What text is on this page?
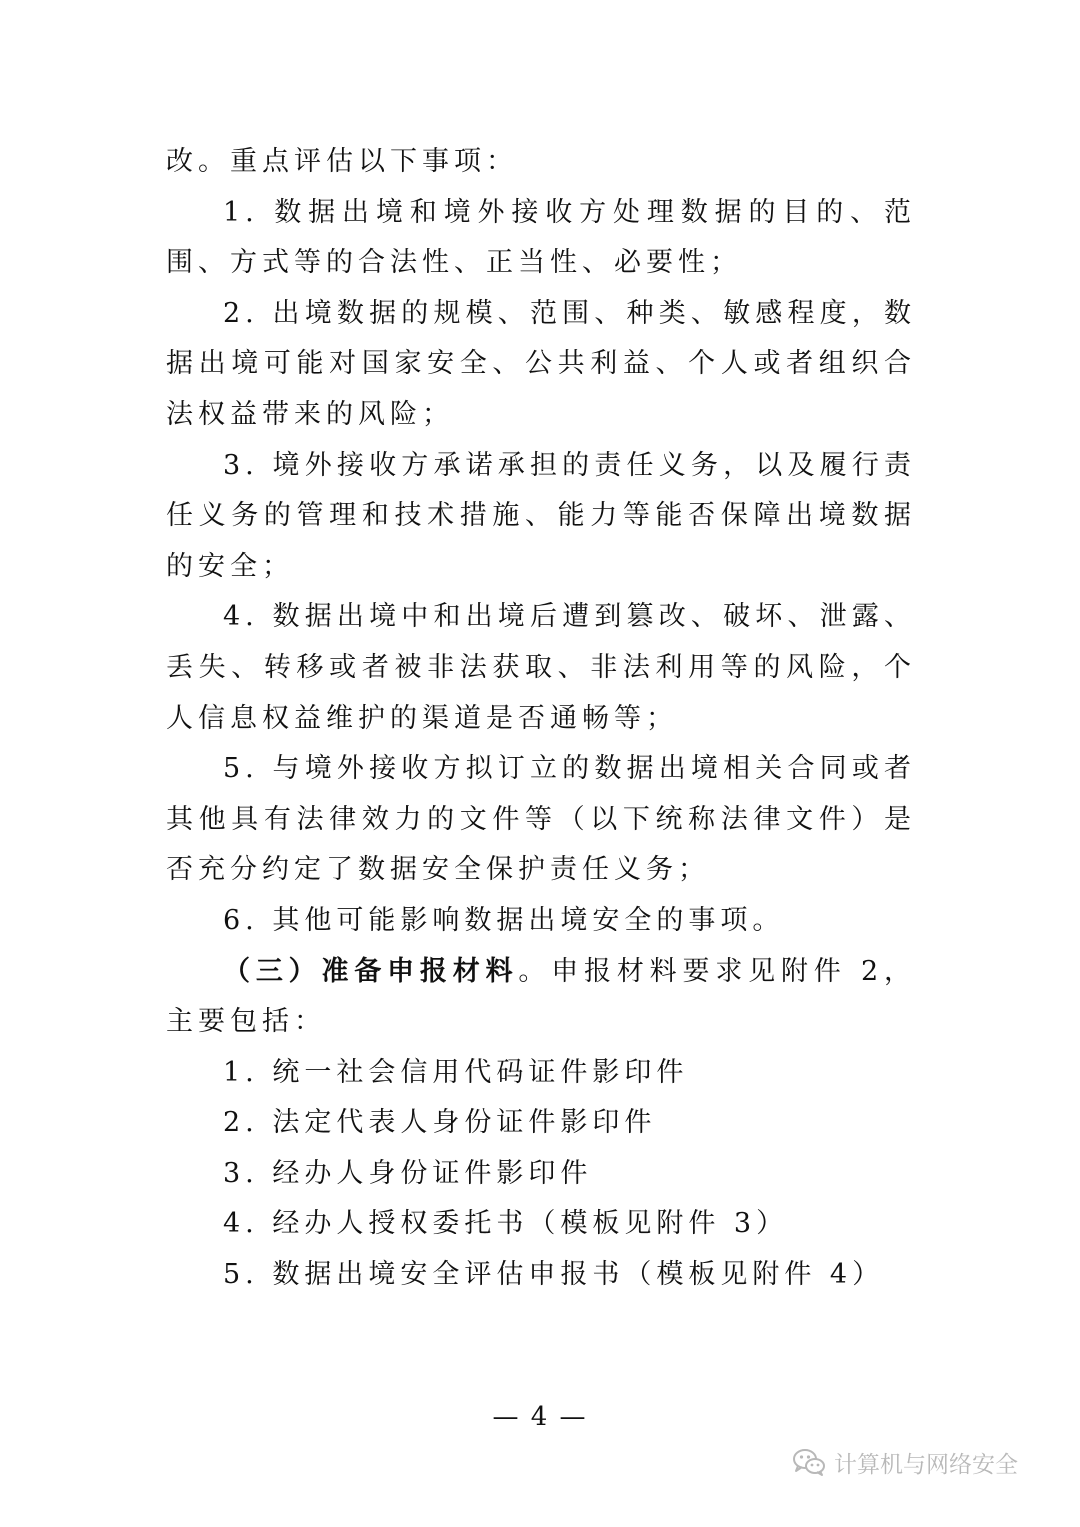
改。重点评估以下事项：

1. 数据出境和境外接收方处理数据的目的、范围、方式等的合法性、正当性、必要性；

2. 出境数据的规模、范围、种类、敏感程度，数据出境可能对国家安全、公共利益、个人或者组织合法权益带来的风险；

3. 境外接收方承诺承担的责任义务，以及履行责任义务的管理和技术措施、能力等能否保障出境数据的安全；

4. 数据出境中和出境后遭到篡改、破坏、泄露、丢失、转移或者被非法获取、非法利用等的风险，个人信息权益维护的渠道是否通畅等；

5. 与境外接收方拟订立的数据出境相关合同或者其他具有法律效力的文件等（以下统称法律文件）是否充分约定了数据安全保护责任义务；

6. 其他可能影响数据出境安全的事项。

（三）准备申报材料。申报材料要求见附件 2，主要包括：

1. 统一社会信用代码证件影印件

2. 法定代表人身份证件影印件

3. 经办人身份证件影印件

4. 经办人授权委托书（模板见附件 3）

5. 数据出境安全评估申报书（模板见附件 4）

— 4 —
计算机与网络安全
